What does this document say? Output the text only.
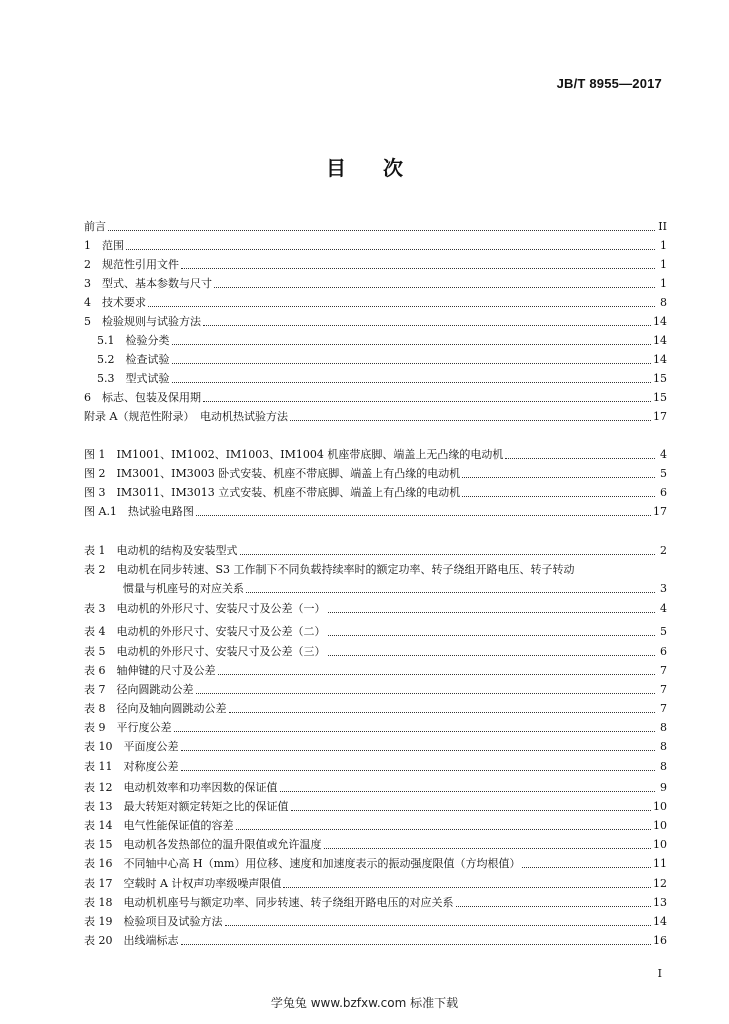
JB/T 8955—2017
目 次
前言	II
1　范围	1
2　规范性引用文件	1
3　型式、基本参数与尺寸	1
4　技术要求	8
5　检验规则与试验方法	14
5.1　检验分类	14
5.2　检查试验	14
5.3　型式试验	15
6　标志、包装及保用期	15
附录 A（规范性附录）　电动机热试验方法	17
图 1　IM1001、IM1002、IM1003、IM1004 机座带底脚、端盖上无凸缘的电动机	4
图 2　IM3001、IM3003 卧式安装、机座不带底脚、端盖上有凸缘的电动机	5
图 3　IM3011、IM3013 立式安装、机座不带底脚、端盖上有凸缘的电动机	6
图 A.1　热试验电路图	17
表 1　电动机的结构及安装型式	2
表 2　电动机在同步转速、S3 工作制下不同负载持续率时的额定功率、转子绕组开路电压、转子转动
惯量与机座号的对应关系	3
表 3　电动机的外形尺寸、安装尺寸及公差（一）	4
表 4　电动机的外形尺寸、安装尺寸及公差（二）	5
表 5　电动机的外形尺寸、安装尺寸及公差（三）	6
表 6　轴伸键的尺寸及公差	7
表 7　径向圆跳动公差	7
表 8　径向及轴向圆跳动公差	7
表 9　平行度公差	8
表 10　平面度公差	8
表 11　对称度公差	8
表 12　电动机效率和功率因数的保证值	9
表 13　最大转矩对额定转矩之比的保证值	10
表 14　电气性能保证值的容差	10
表 15　电动机各发热部位的温升限值或允许温度	10
表 16　不同轴中心高 H（mm）用位移、速度和加速度表示的振动强度限值（方均根值）	11
表 17　空载时 A 计权声功率级噪声限值	12
表 18　电动机机座号与额定功率、同步转速、转子绕组开路电压的对应关系	13
表 19　检验项目及试验方法	14
表 20　出线端标志	16
I
学兔兔 www.bzfxw.com 标准下载
